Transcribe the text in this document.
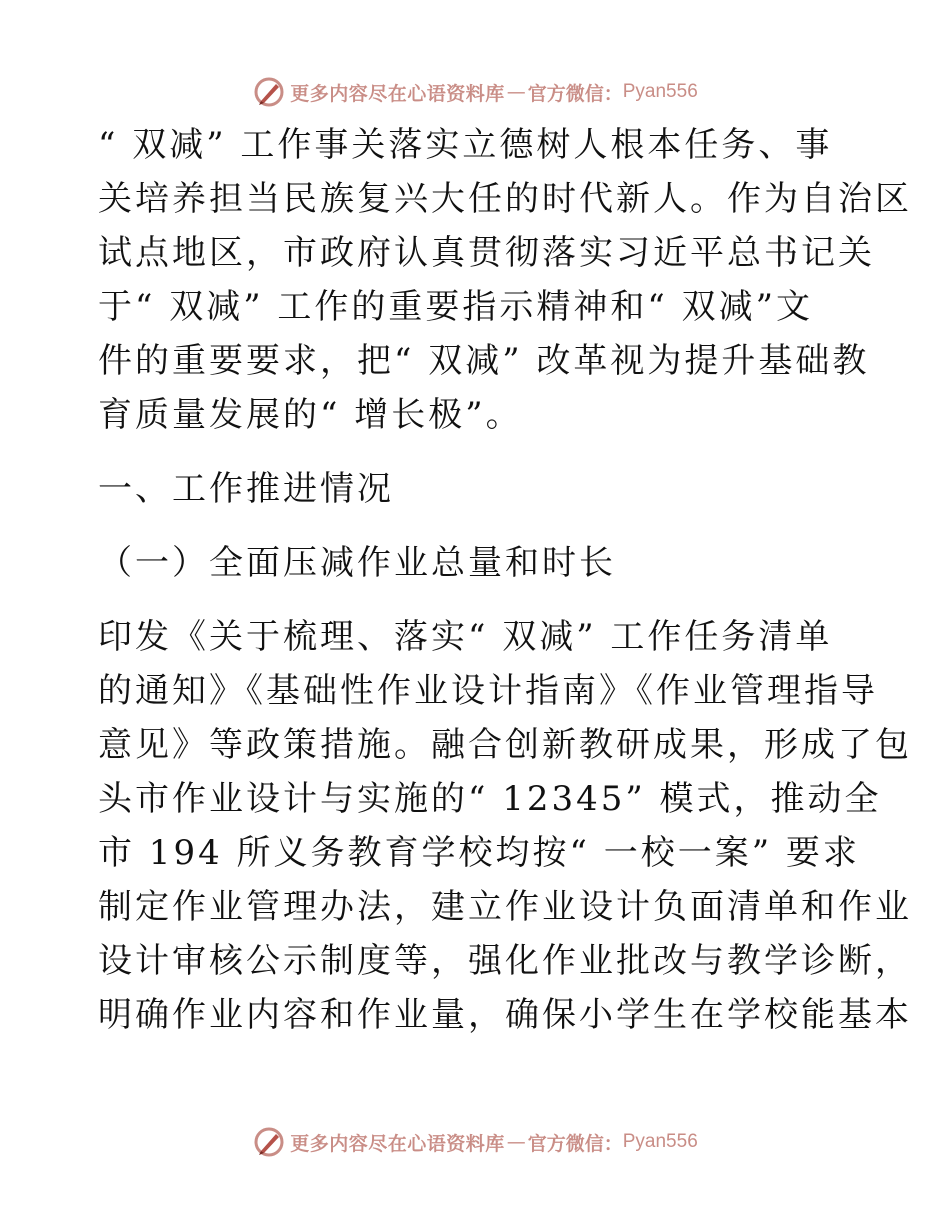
更多内容尽在心语资料库 — 官方微信： Pyan556
“ 双减” 工作事关落实立德树人根本任务、事
关培养担当民族复兴大任的时代新人。作为自治区
试点地区，市政府认真贯彻落实习近平总书记关
于“ 双减” 工作的重要指示精神和“ 双减”文
件的重要要求，把“ 双减” 改革视为提升基础教
育质量发展的“ 增长极”。
一、工作推进情况
（一）全面压减作业总量和时长
印发《关于梳理、落实“ 双减” 工作任务清单
的通知》《基础性作业设计指南》《作业管理指导
意见》等政策措施。融合创新教研成果，形成了包
头市作业设计与实施的“ 12345” 模式，推动全
市 194 所义务教育学校均按“ 一校一案” 要求
制定作业管理办法，建立作业设计负面清单和作业
设计审核公示制度等，强化作业批改与教学诊断，
明确作业内容和作业量，确保小学生在学校能基本
更多内容尽在心语资料库 — 官方微信： Pyan556
